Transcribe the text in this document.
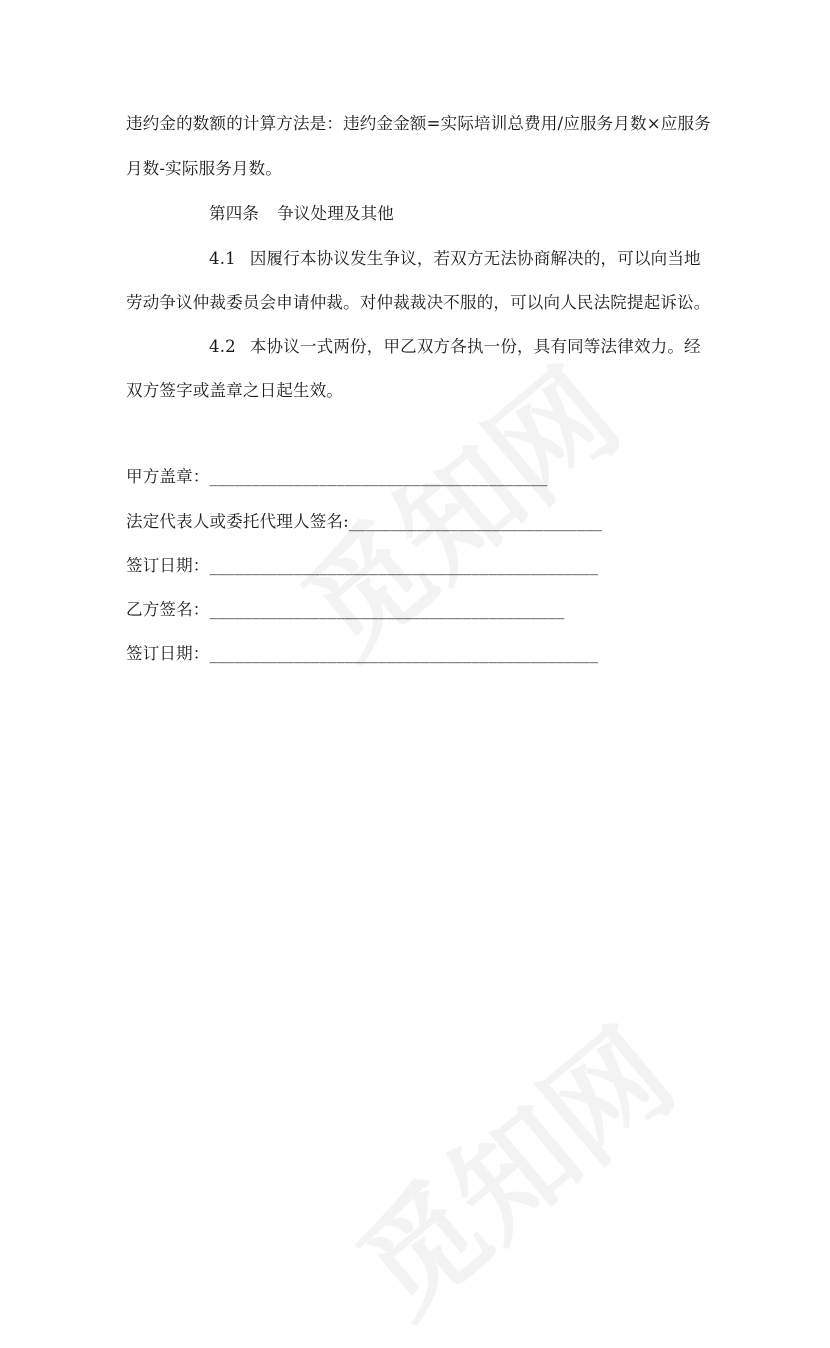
违约金的数额的计算方法是：违约金金额=实际培训总费用/应服务月数×应服务
月数-实际服务月数。
第四条 争议处理及其他
4.1 因履行本协议发生争议，若双方无法协商解决的，可以向当地
劳动争议仲裁委员会申请仲裁。对仲裁裁决不服的，可以向人民法院提起诉讼。
4.2 本协议一式两份，甲乙双方各执一份，具有同等法律效力。经
双方签字或盖章之日起生效。
甲方盖章：________________________________________
法定代表人或委托代理人签名:______________________________
签订日期：______________________________________________
乙方签名：__________________________________________
签订日期：______________________________________________
